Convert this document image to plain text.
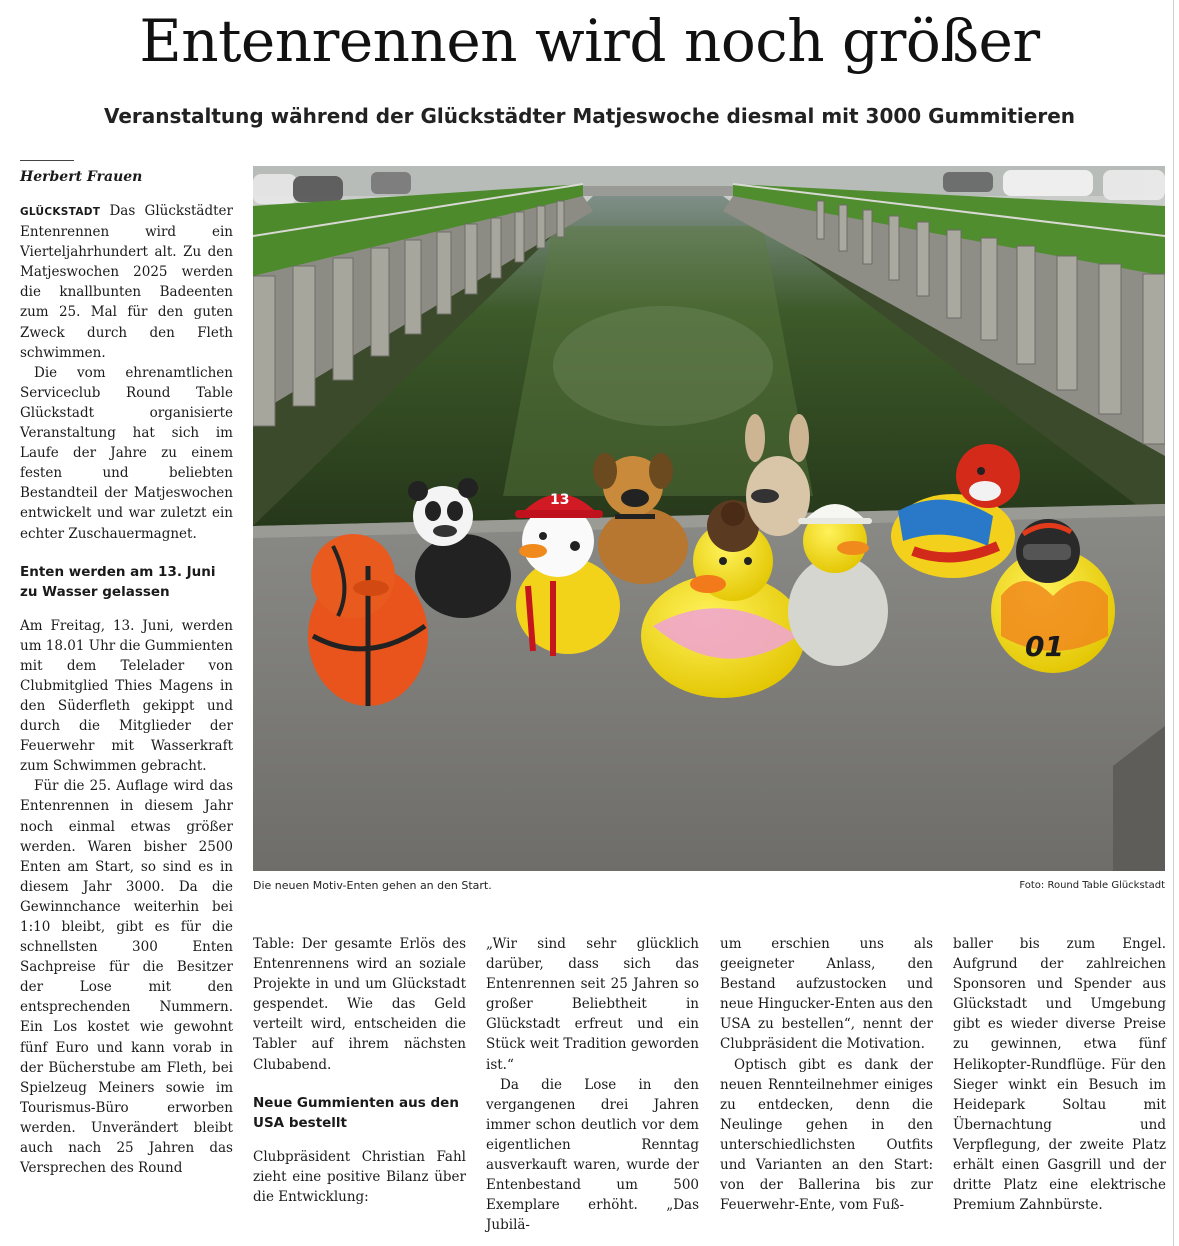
Entenrennen wird noch größer
Veranstaltung während der Glückstädter Matjeswoche diesmal mit 3000 Gummitieren
Herbert Frauen

GLÜCKSTADT Das Glückstädter Entenrennen wird ein Vierteljahrhundert alt. Zu den Matjeswochen 2025 werden die knallbunten Badeenten zum 25. Mal für den guten Zweck durch den Fleth schwimmen.

Die vom ehrenamtlichen Serviceclub Round Table Glückstadt organisierte Veranstaltung hat sich im Laufe der Jahre zu einem festen und beliebten Bestandteil der Matjeswochen entwickelt und war zuletzt ein echter Zuschauermagnet.

Enten werden am 13. Juni zu Wasser gelassen

Am Freitag, 13. Juni, werden um 18.01 Uhr die Gummienten mit dem Telelader von Clubmitglied Thies Magens in den Süderfleth gekippt und durch die Mitglieder der Feuerwehr mit Wasserkraft zum Schwimmen gebracht.

Für die 25. Auflage wird das Entenrennen in diesem Jahr noch einmal etwas größer werden. Waren bisher 2500 Enten am Start, so sind es in diesem Jahr 3000. Da die Gewinnchance weiterhin bei 1:10 bleibt, gibt es für die schnellsten 300 Enten Sachpreise für die Besitzer der Lose mit den entsprechenden Nummern. Ein Los kostet wie gewohnt fünf Euro und kann vorab in der Bücherstube am Fleth, bei Spielzeug Meiners sowie im Tourismus-Büro erworben werden. Unverändert bleibt auch nach 25 Jahren das Versprechen des Round

13
01
Die neuen Motiv-Enten gehen an den Start.	Foto: Round Table Glückstadt

Table: Der gesamte Erlös des Entenrennens wird an soziale Projekte in und um Glückstadt gespendet. Wie das Geld verteilt wird, entscheiden die Tabler auf ihrem nächsten Clubabend.

Neue Gummienten aus den USA bestellt

Clubpräsident Christian Fahl zieht eine positive Bilanz über die Entwicklung:

„Wir sind sehr glücklich darüber, dass sich das Entenrennen seit 25 Jahren so großer Beliebtheit in Glückstadt erfreut und ein Stück weit Tradition geworden ist.“

Da die Lose in den vergangenen drei Jahren immer schon deutlich vor dem eigentlichen Renntag ausverkauft waren, wurde der Entenbestand um 500 Exemplare erhöht. „Das Jubilä-

um erschien uns als geeigneter Anlass, den Bestand aufzustocken und neue Hingucker-Enten aus den USA zu bestellen“, nennt der Clubpräsident die Motivation.

Optisch gibt es dank der neuen Rennteilnehmer einiges zu entdecken, denn die Neulinge gehen in den unterschiedlichsten Outfits und Varianten an den Start: von der Ballerina bis zur Feuerwehr-Ente, vom Fuß-

baller bis zum Engel. Aufgrund der zahlreichen Sponsoren und Spender aus Glückstadt und Umgebung gibt es wieder diverse Preise zu gewinnen, etwa fünf Helikopter-Rundflüge. Für den Sieger winkt ein Besuch im Heidepark Soltau mit Übernachtung und Verpflegung, der zweite Platz erhält einen Gasgrill und der dritte Platz eine elektrische Premium Zahnbürste.
